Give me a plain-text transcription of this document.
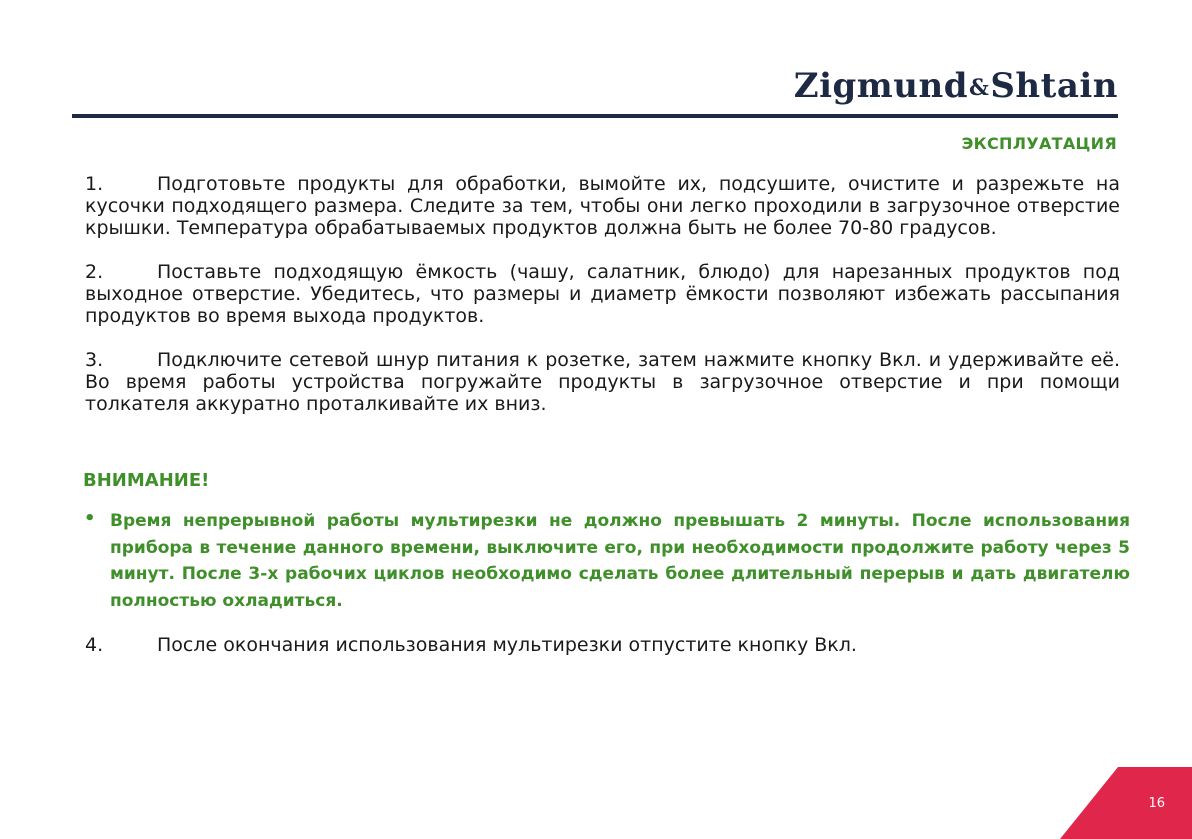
Zigmund&Shtain
ЭКСПЛУАТАЦИЯ

1.	Подготовьте продукты для обработки, вымойте их, подсушите, очистите и разрежьте на кусочки подходящего размера. Следите за тем, чтобы они легко проходили в загрузочное отверстие крышки. Температура обрабатываемых продуктов должна быть не более 70-80 градусов.

2.	Поставьте подходящую ёмкость (чашу, салатник, блюдо) для нарезанных продуктов под выходное отверстие. Убедитесь, что размеры и диаметр ёмкости позволяют избежать рассыпания продуктов во время выхода продуктов.

3.	Подключите сетевой шнур питания к розетке, затем нажмите кнопку Вкл. и удерживайте её. Во время работы устройства погружайте продукты в загрузочное отверстие и при помощи толкателя аккуратно проталкивайте их вниз.

ВНИМАНИЕ!
• Время непрерывной работы мультирезки не должно превышать 2 минуты. После использования прибора в течение данного времени, выключите его, при необходимости продолжите работу через 5 минут. После 3-х рабочих циклов необходимо сделать более длительный перерыв и дать двигателю полностью охладиться.
4.	После окончания использования мультирезки отпустите кнопку Вкл.
16
